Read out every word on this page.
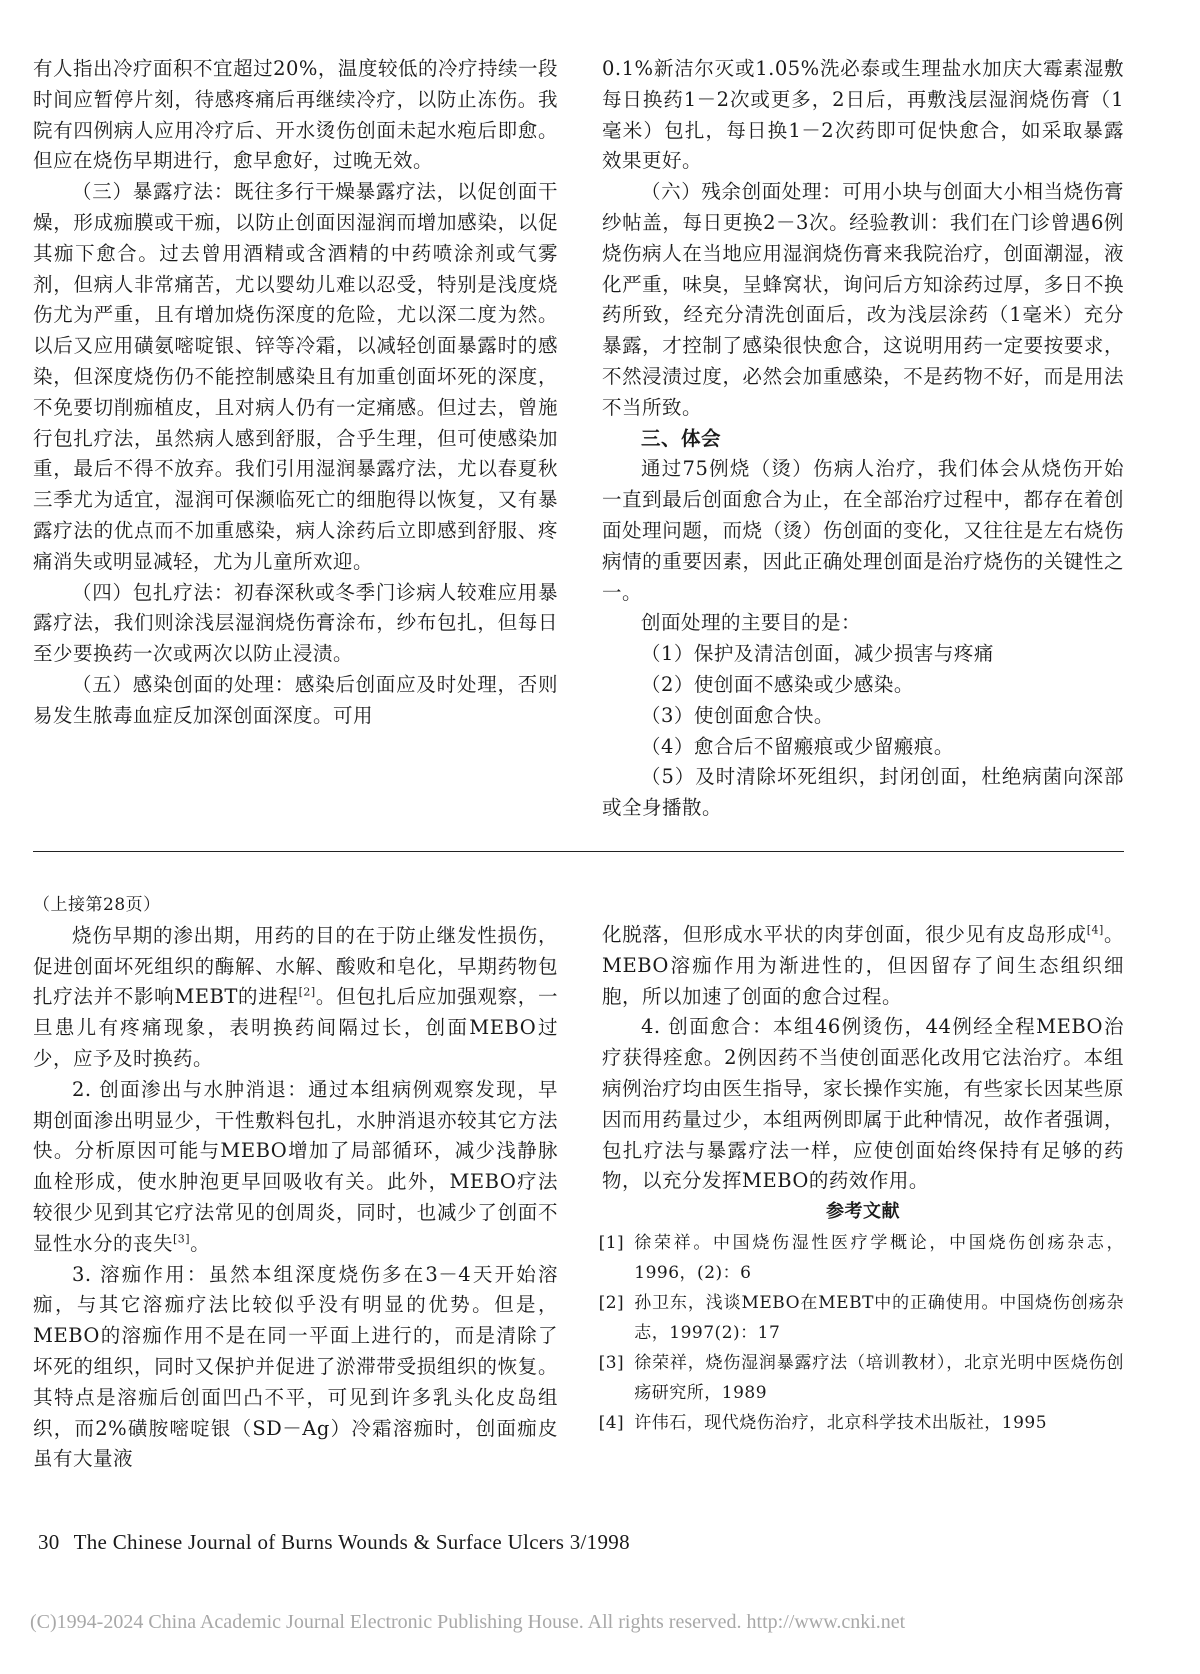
有人指出冷疗面积不宜超过20%，温度较低的冷疗持续一段时间应暂停片刻，待感疼痛后再继续冷疗，以防止冻伤。我院有四例病人应用冷疗后、开水烫伤创面未起水疱后即愈。但应在烧伤早期进行，愈早愈好，过晚无效。

（三）暴露疗法：既往多行干燥暴露疗法，以促创面干燥，形成痂膜或干痂，以防止创面因湿润而增加感染，以促其痂下愈合。过去曾用酒精或含酒精的中药喷涂剂或气雾剂，但病人非常痛苦，尤以婴幼儿难以忍受，特别是浅度烧伤尤为严重，且有增加烧伤深度的危险，尤以深二度为然。以后又应用磺氨嘧啶银、锌等冷霜，以减轻创面暴露时的感染，但深度烧伤仍不能控制感染且有加重创面坏死的深度，不免要切削痂植皮，且对病人仍有一定痛感。但过去，曾施行包扎疗法，虽然病人感到舒服，合乎生理，但可使感染加重，最后不得不放弃。我们引用湿润暴露疗法，尤以春夏秋三季尤为适宜，湿润可保濒临死亡的细胞得以恢复，又有暴露疗法的优点而不加重感染，病人涂药后立即感到舒服、疼痛消失或明显减轻，尤为儿童所欢迎。

（四）包扎疗法：初春深秋或冬季门诊病人较难应用暴露疗法，我们则涂浅层湿润烧伤膏涂布，纱布包扎，但每日至少要换药一次或两次以防止浸渍。

（五）感染创面的处理：感染后创面应及时处理，否则易发生脓毒血症反加深创面深度。可用

0.1%新洁尔灭或1.05%洗必泰或生理盐水加庆大霉素湿敷每日换药1－2次或更多，2日后，再敷浅层湿润烧伤膏（1毫米）包扎，每日换1－2次药即可促快愈合，如采取暴露效果更好。

（六）残余创面处理：可用小块与创面大小相当烧伤膏纱帖盖，每日更换2－3次。经验教训：我们在门诊曾遇6例烧伤病人在当地应用湿润烧伤膏来我院治疗，创面潮湿，液化严重，味臭，呈蜂窝状，询问后方知涂药过厚，多日不换药所致，经充分清洗创面后，改为浅层涂药（1毫米）充分暴露，才控制了感染很快愈合，这说明用药一定要按要求，不然浸渍过度，必然会加重感染，不是药物不好，而是用法不当所致。

三、体会

通过75例烧（烫）伤病人治疗，我们体会从烧伤开始一直到最后创面愈合为止，在全部治疗过程中，都存在着创面处理问题，而烧（烫）伤创面的变化，又往往是左右烧伤病情的重要因素，因此正确处理创面是治疗烧伤的关键性之一。

创面处理的主要目的是：

（1）保护及清洁创面，减少损害与疼痛

（2）使创面不感染或少感染。

（3）使创面愈合快。

（4）愈合后不留瘢痕或少留瘢痕。

（5）及时清除坏死组织，封闭创面，杜绝病菌向深部或全身播散。

（上接第28页）

烧伤早期的渗出期，用药的目的在于防止继发性损伤，促进创面坏死组织的酶解、水解、酸败和皂化，早期药物包扎疗法并不影响MEBT的进程[2]。但包扎后应加强观察，一旦患儿有疼痛现象，表明换药间隔过长，创面MEBO过少，应予及时换药。

2. 创面渗出与水肿消退：通过本组病例观察发现，早期创面渗出明显少，干性敷料包扎，水肿消退亦较其它方法快。分析原因可能与MEBO增加了局部循环，减少浅静脉血栓形成，使水肿泡更早回吸收有关。此外，MEBO疗法较很少见到其它疗法常见的创周炎，同时，也减少了创面不显性水分的丧失[3]。

3. 溶痂作用：虽然本组深度烧伤多在3－4天开始溶痂，与其它溶痂疗法比较似乎没有明显的优势。但是，MEBO的溶痂作用不是在同一平面上进行的，而是清除了坏死的组织，同时又保护并促进了淤滞带受损组织的恢复。其特点是溶痂后创面凹凸不平，可见到许多乳头化皮岛组织，而2%磺胺嘧啶银（SD－Ag）冷霜溶痂时，创面痂皮虽有大量液

化脱落，但形成水平状的肉芽创面，很少见有皮岛形成[4]。MEBO溶痂作用为渐进性的，但因留存了间生态组织细胞，所以加速了创面的愈合过程。

4. 创面愈合：本组46例烫伤，44例经全程MEBO治疗获得痊愈。2例因药不当使创面恶化改用它法治疗。本组病例治疗均由医生指导，家长操作实施，有些家长因某些原因而用药量过少，本组两例即属于此种情况，故作者强调，包扎疗法与暴露疗法一样，应使创面始终保持有足够的药物，以充分发挥MEBO的药效作用。

参考文献

[1] 徐荣祥。中国烧伤湿性医疗学概论，中国烧伤创疡杂志，1996，(2)：6

[2] 孙卫东，浅谈MEBO在MEBT中的正确使用。中国烧伤创疡杂志，1997(2)：17

[3] 徐荣祥，烧伤湿润暴露疗法（培训教材），北京光明中医烧伤创疡研究所，1989

[4] 许伟石，现代烧伤治疗，北京科学技术出版社，1995

30 The Chinese Journal of Burns Wounds & Surface Ulcers 3/1998
(C)1994-2024 China Academic Journal Electronic Publishing House. All rights reserved. http://www.cnki.net
